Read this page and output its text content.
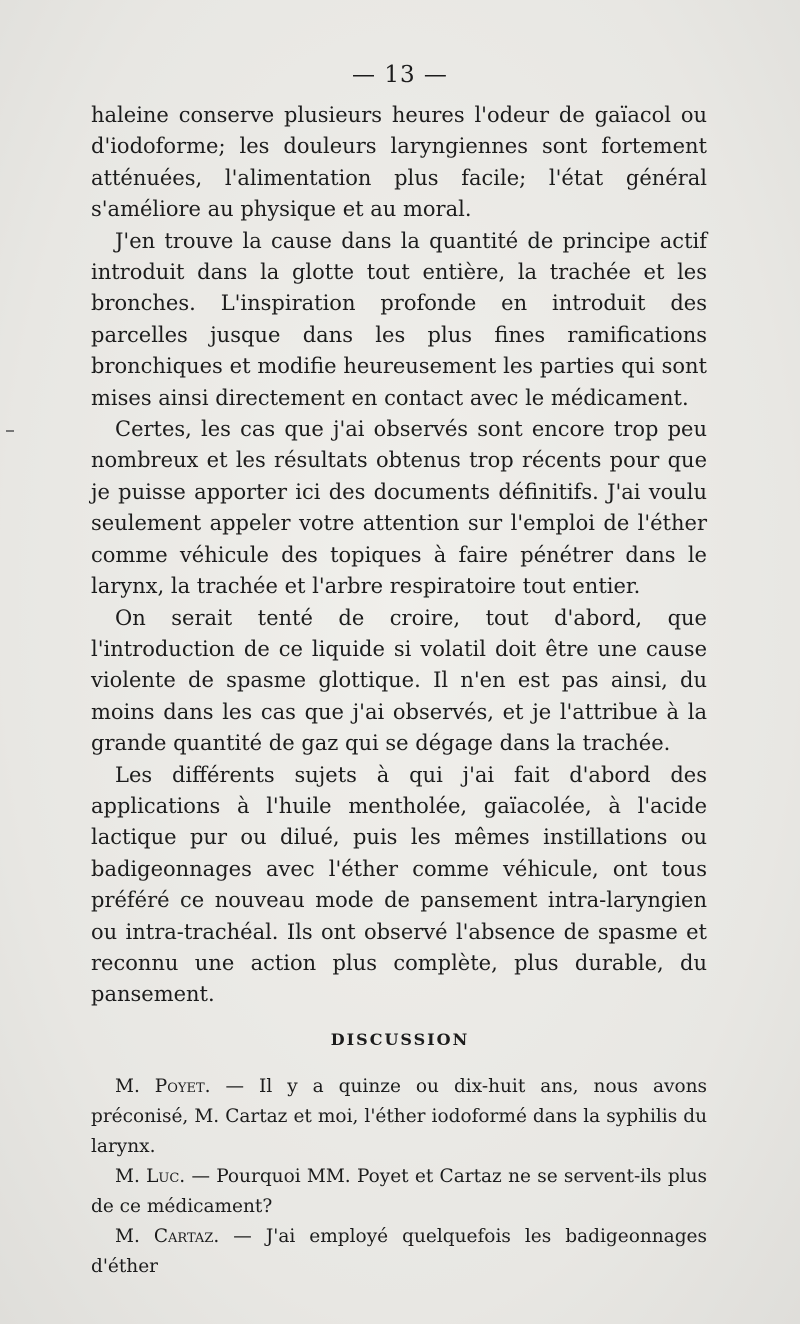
— 13 —

haleine conserve plusieurs heures l'odeur de gaïacol ou d'iodoforme; les douleurs laryngiennes sont fortement atténuées, l'alimentation plus facile; l'état général s'améliore au physique et au moral.

J'en trouve la cause dans la quantité de principe actif introduit dans la glotte tout entière, la trachée et les bronches. L'inspiration profonde en introduit des parcelles jusque dans les plus fines ramifications bronchiques et modifie heureusement les parties qui sont mises ainsi directement en contact avec le médicament.

Certes, les cas que j'ai observés sont encore trop peu nombreux et les résultats obtenus trop récents pour que je puisse apporter ici des documents définitifs. J'ai voulu seulement appeler votre attention sur l'emploi de l'éther comme véhicule des topiques à faire pénétrer dans le larynx, la trachée et l'arbre respiratoire tout entier.

On serait tenté de croire, tout d'abord, que l'introduction de ce liquide si volatil doit être une cause violente de spasme glottique. Il n'en est pas ainsi, du moins dans les cas que j'ai observés, et je l'attribue à la grande quantité de gaz qui se dégage dans la trachée.

Les différents sujets à qui j'ai fait d'abord des applications à l'huile mentholée, gaïacolée, à l'acide lactique pur ou dilué, puis les mêmes instillations ou badigeonnages avec l'éther comme véhicule, ont tous préféré ce nouveau mode de pansement intra-laryngien ou intra-trachéal. Ils ont observé l'absence de spasme et reconnu une action plus complète, plus durable, du pansement.

DISCUSSION

M. Poyet. — Il y a quinze ou dix-huit ans, nous avons préconisé, M. Cartaz et moi, l'éther iodoformé dans la syphilis du larynx.

M. Luc. — Pourquoi MM. Poyet et Cartaz ne se servent-ils plus de ce médicament?

M. Cartaz. — J'ai employé quelquefois les badigeonnages d'éther
